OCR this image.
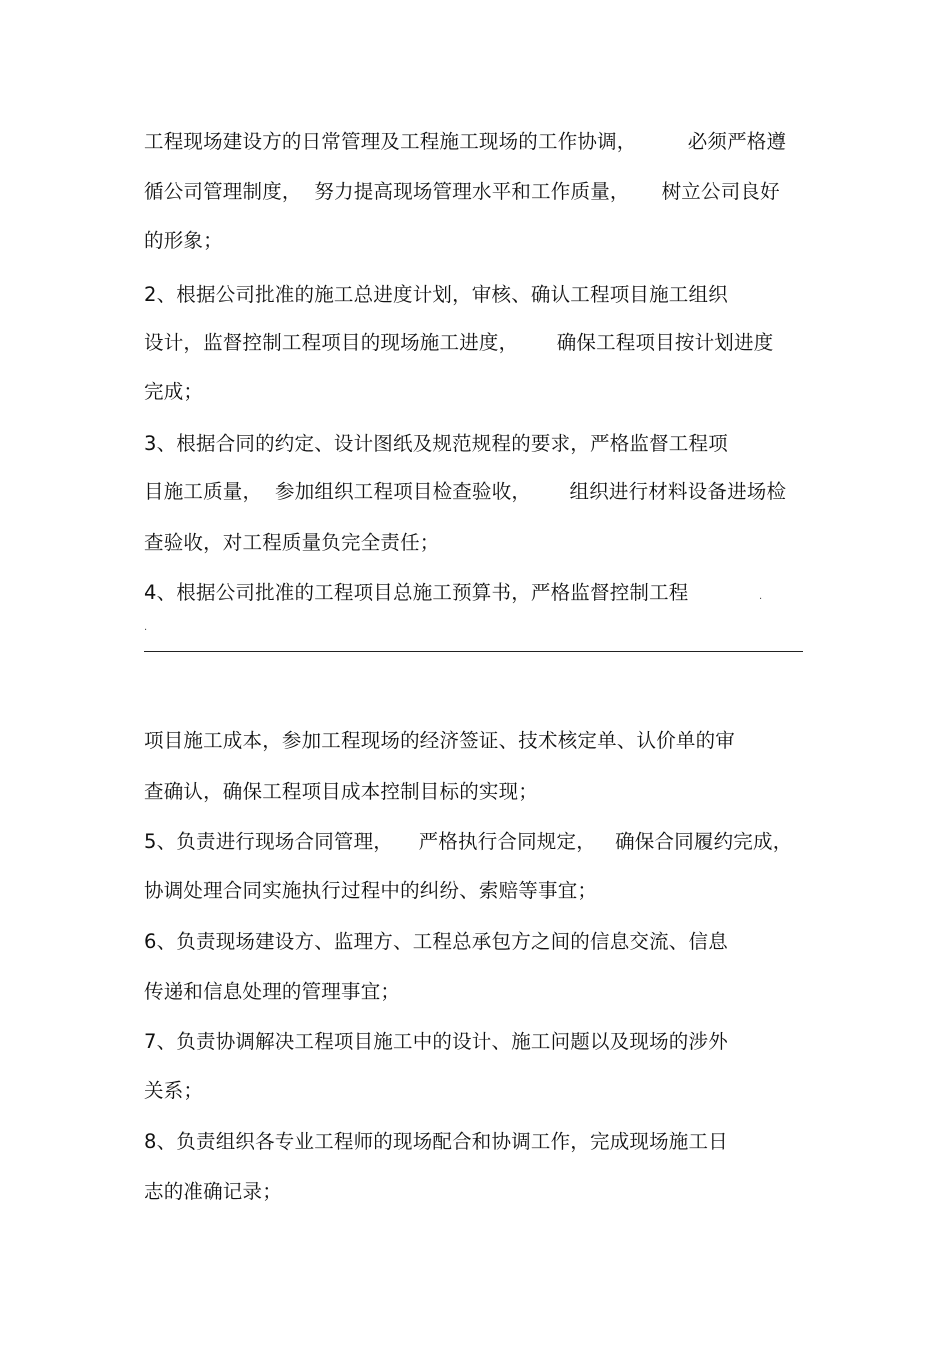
工程现场建设方的日常管理及工程施工现场的工作协调，        必须严格遵
循公司管理制度，  努力提高现场管理水平和工作质量，     树立公司良好
的形象；
2、根据公司批准的施工总进度计划，审核、确认工程项目施工组织
设计，监督控制工程项目的现场施工进度，      确保工程项目按计划进度
完成；
3、根据合同的约定、设计图纸及规范规程的要求，严格监督工程项
目施工质量，  参加组织工程项目检查验收，      组织进行材料设备进场检
查验收，对工程质量负完全责任；
4、根据公司批准的工程项目总施工预算书，严格监督控制工程	.
.
项目施工成本，参加工程现场的经济签证、技术核定单、认价单的审
查确认，确保工程项目成本控制目标的实现；
5、负责进行现场合同管理，    严格执行合同规定，   确保合同履约完成，
协调处理合同实施执行过程中的纠纷、索赔等事宜；
6、负责现场建设方、监理方、工程总承包方之间的信息交流、信息
传递和信息处理的管理事宜；
7、负责协调解决工程项目施工中的设计、施工问题以及现场的涉外
关系；
8、负责组织各专业工程师的现场配合和协调工作，完成现场施工日
志的准确记录；
